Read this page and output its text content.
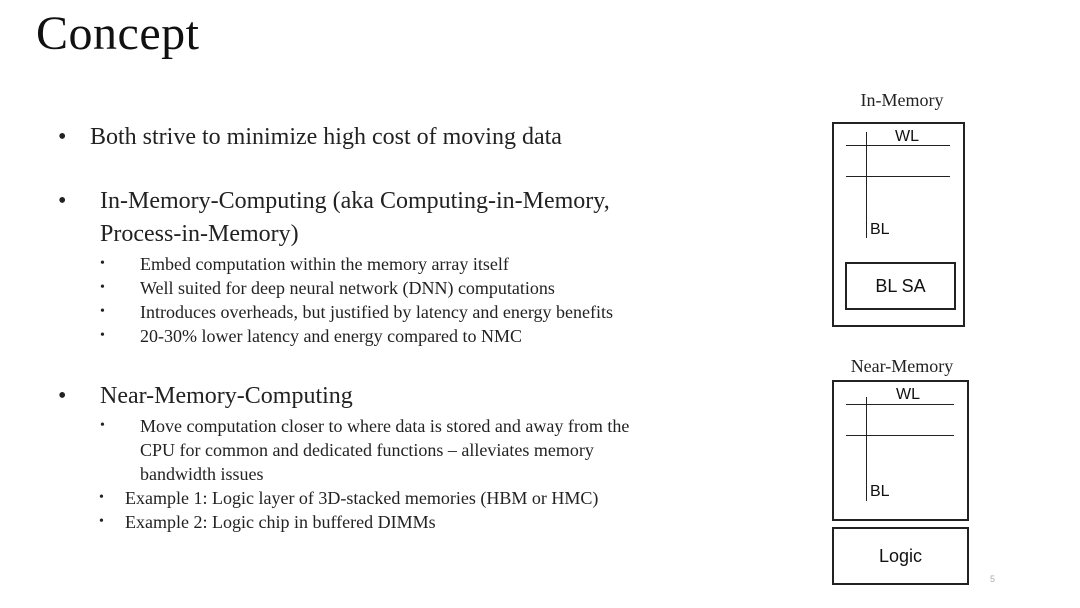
Concept
• Both strive to minimize high cost of moving data
• In-Memory-Computing (aka Computing-in-Memory,
Process-in-Memory)
• Embed computation within the memory array itself
• Well suited for deep neural network (DNN) computations
• Introduces overheads, but justified by latency and energy benefits
• 20-30% lower latency and energy compared to NMC
• Near-Memory-Computing
• Move computation closer to where data is stored and away from the
CPU for common and dedicated functions – alleviates memory
bandwidth issues
• Example 1: Logic layer of 3D-stacked memories (HBM or HMC)
• Example 2: Logic chip in buffered DIMMs
In-Memory
WL
BL
BL SA
Near-Memory
WL
BL
Logic
5
